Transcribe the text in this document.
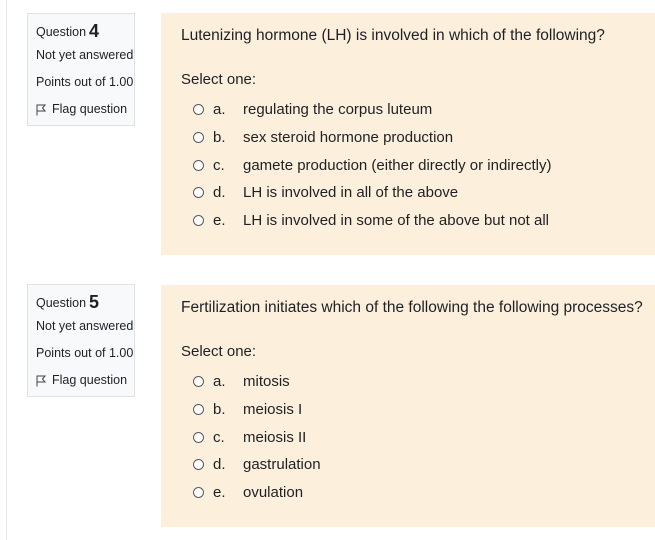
Question 4
Not yet answered
Points out of 1.00
Flag question

Lutenizing hormone (LH) is involved in which of the following?

Select one:
a.	regulating the corpus luteum
b.	sex steroid hormone production
c.	gamete production (either directly or indirectly)
d.	LH is involved in all of the above
e.	LH is involved in some of the above but not all
Question 5
Not yet answered
Points out of 1.00
Flag question

Fertilization initiates which of the following the following processes?

Select one:
a.	mitosis
b.	meiosis I
c.	meiosis II
d.	gastrulation
e.	ovulation
